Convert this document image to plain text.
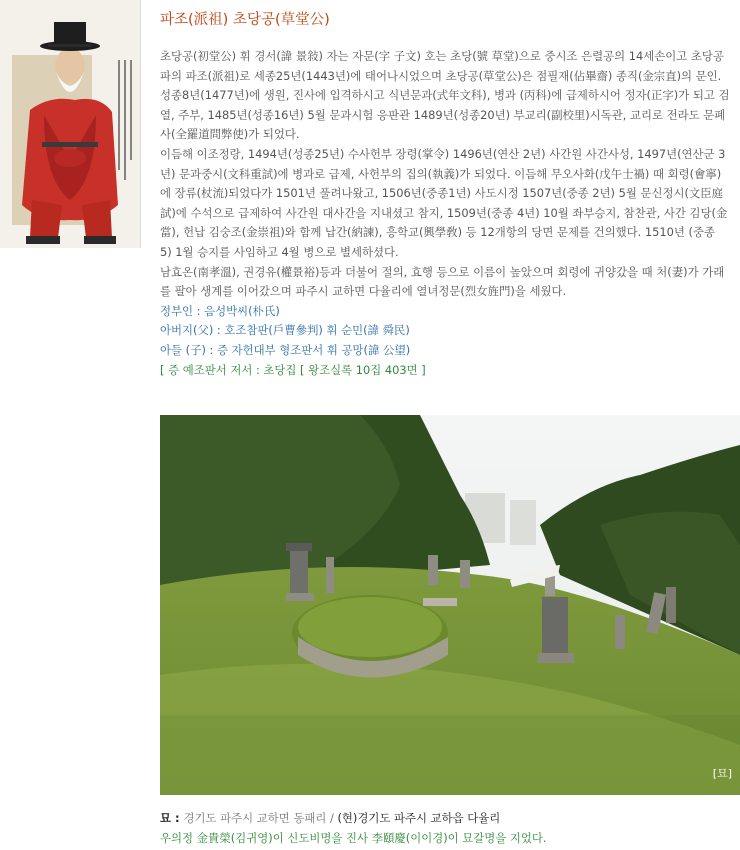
파조(派祖) 초당공(草堂公)

초당공(初堂公) 휘 경서(諱 景敍) 자는 자문(字 子文) 호는 초당(號 草堂)으로 중시조 은렬공의 14세손이고 초당공파의 파조(派祖)로 세종25년(1443년)에 태어나시었으며 초당공(草堂公)은 점필재(佔畢齋) 종직(金宗直)의 문인. 성종8년(1477년)에 생원, 진사에 입격하시고 식년문과(式年文科), 병과 (丙科)에 급제하시어 정자(正字)가 되고 검열, 주부, 1485년(성종16년) 5월 문과시험 응판관 1489년(성종20년) 부교리(副校里)시독관, 교리로 전라도 문폐사(全羅道問弊使)가 되었다.

이듬해 이조정랑, 1494년(성종25년) 수사헌부 장령(掌令) 1496년(연산 2년) 사간원 사간사성, 1497년(연산군 3년) 문과중시(文科重試)에 병과로 급제, 사헌부의 집의(執義)가 되었다. 이듬해 무오사화(戊午士禍) 때 회령(會寧)에 장류(杖流)되었다가 1501년 풀려나왔고, 1506년(중종1년) 사도시정 1507년(중종 2년) 5월 문신정시(文臣庭試)에 수석으로 급제하여 사간원 대사간을 지내셨고 참지, 1509년(중종 4년) 10월 좌부승지, 참찬관, 사간 김당(金當), 헌납 김숭조(金崇祖)와 함께 납간(納諫), 흥학교(興學敎) 등 12개항의 당면 문제를 건의했다. 1510년 (중종 5) 1월 승지를 사임하고 4월 병으로 별세하셨다.

남효온(南孝溫), 권경유(權景裕)등과 더불어 절의, 효행 등으로 이름이 높았으며 회령에 귀양갔을 때 처(妻)가 가래를 팔아 생계를 이어갔으며 파주시 교하면 다율리에 열녀정문(烈女旌門)을 세웠다.

정부인 : 음성박씨(朴氏)

아버지(父) : 호조참판(戶曹參判) 휘 순민(諱 舜民)

아들 (子) : 증 자헌대부 형조판서 휘 공망(諱 公望)

[ 증 예조판서 저서 : 초당집 [ 왕조실록 10집 403면 ]

[묘]

묘 : 경기도 파주시 교하면 동패리 / (현)경기도 파주시 교하읍 다율리

우의정 金貴榮(김귀영)이 신도비명을 진사 李頤慶(이이경)이 묘갈명을 지었다.
